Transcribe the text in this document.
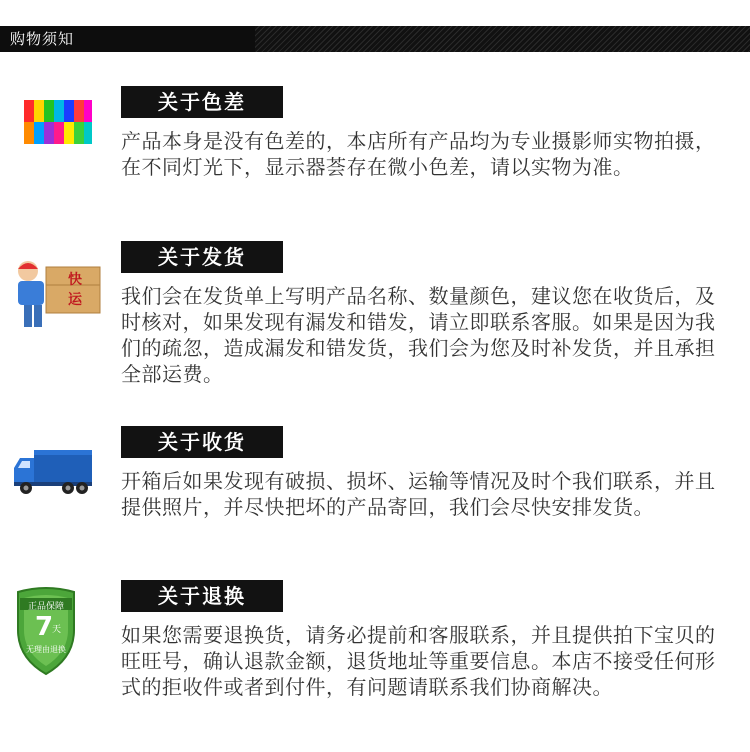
购物须知
关于色差

产品本身是没有色差的，本店所有产品均为专业摄影师实物拍摄，在不同灯光下，显示器荟存在微小色差，请以实物为准。

快
运
关于发货

我们会在发货单上写明产品名称、数量颜色，建议您在收货后，及时核对，如果发现有漏发和错发，请立即联系客服。如果是因为我们的疏忽，造成漏发和错发货，我们会为您及时补发货，并且承担全部运费。

关于收货

开箱后如果发现有破损、损坏、运输等情况及时个我们联系，并且提供照片，并尽快把坏的产品寄回，我们会尽快安排发货。

正品保障
7
天
无理由退换
关于退换

如果您需要退换货，请务必提前和客服联系，并且提供拍下宝贝的旺旺号，确认退款金额，退货地址等重要信息。本店不接受任何形式的拒收件或者到付件，有问题请联系我们协商解决。
